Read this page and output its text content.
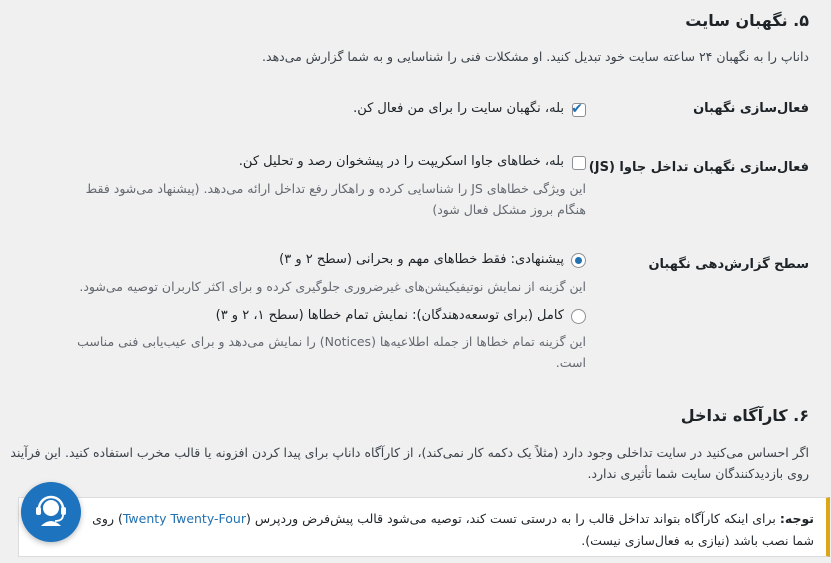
۵. نگهبان سایت
داناپ را به نگهبان ۲۴ ساعته سایت خود تبدیل کنید. او مشکلات فنی را شناسایی و به شما گزارش می‌دهد.
فعال‌سازی نگهبان
✔
بله، نگهبان سایت را برای من فعال کن.
فعال‌سازی نگهبان تداخل جاوا (JS)
بله، خطاهای جاوا اسکریپت را در پیشخوان رصد و تحلیل کن.
این ویژگی خطاهای JS را شناسایی کرده و راهکار رفع تداخل ارائه می‌دهد. (پیشنهاد می‌شود فقط
هنگام بروز مشکل فعال شود)
سطح گزارش‌دهی نگهبان
پیشنهادی: فقط خطاهای مهم و بحرانی (سطح ۲ و ۳)
این گزینه از نمایش نوتیفیکیشن‌های غیرضروری جلوگیری کرده و برای اکثر کاربران توصیه می‌شود.
کامل (برای توسعه‌دهندگان): نمایش تمام خطاها (سطح ۱، ۲ و ۳)
این گزینه تمام خطاها از جمله اطلاعیه‌ها (Notices) را نمایش می‌دهد و برای عیب‌یابی فنی مناسب
است.
۶. کارآگاه تداخل
اگر احساس می‌کنید در سایت تداخلی وجود دارد (مثلاً یک دکمه کار نمی‌کند)، از کارآگاه داناپ برای پیدا کردن افزونه یا قالب مخرب استفاده کنید. این فرآیند
روی بازدیدکنندگان سایت شما تأثیری ندارد.
توجه: برای اینکه کارآگاه بتواند تداخل قالب را به درستی تست کند، توصیه می‌شود قالب پیش‌فرض وردپرس (Twenty Twenty-Four) روی
شما نصب باشد (نیازی به فعال‌سازی نیست).
